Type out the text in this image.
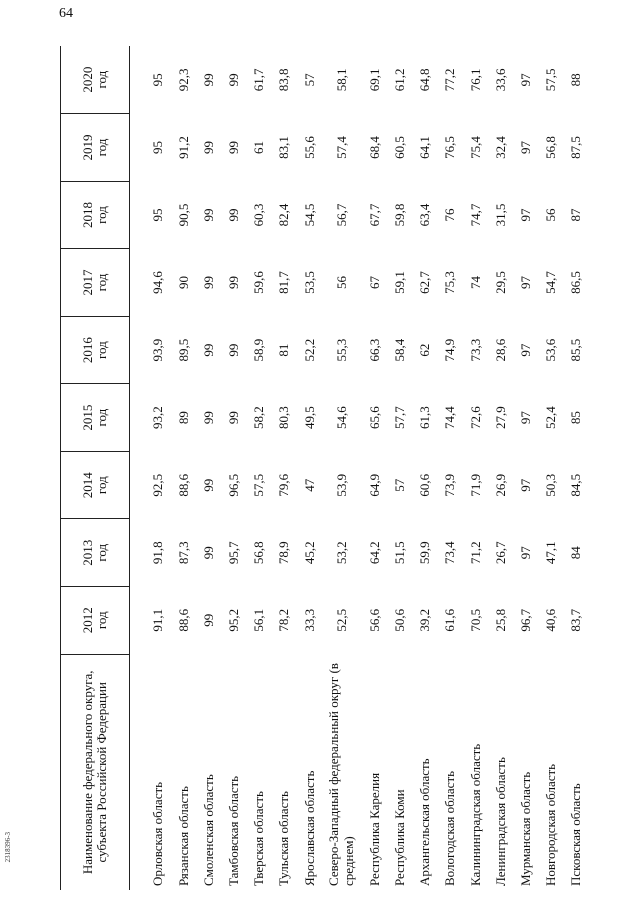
64
2318396-3	Наименование федерального округа, субъекта Российской Федерации	2012 год	2013 год	2014 год	2015 год	2016 год	2017 год	2018 год	2019 год	2020 год

Орловская область	91,1	91,8	92,5	93,2	93,9	94,6	95	95	95
Рязанская область	88,6	87,3	88,6	89	89,5	90	90,5	91,2	92,3
Смоленская область	99	99	99	99	99	99	99	99	99
Тамбовская область	95,2	95,7	96,5	99	99	99	99	99	99
Тверская область	56,1	56,8	57,5	58,2	58,9	59,6	60,3	61	61,7
Тульская область	78,2	78,9	79,6	80,3	81	81,7	82,4	83,1	83,8
Ярославская область	33,3	45,2	47	49,5	52,2	53,5	54,5	55,6	57
Северо-Западный федеральный округ (в среднем)	52,5	53,2	53,9	54,6	55,3	56	56,7	57,4	58,1
Республика Карелия	56,6	64,2	64,9	65,6	66,3	67	67,7	68,4	69,1
Республика Коми	50,6	51,5	57	57,7	58,4	59,1	59,8	60,5	61,2
Архангельская область	39,2	59,9	60,6	61,3	62	62,7	63,4	64,1	64,8
Вологодская область	61,6	73,4	73,9	74,4	74,9	75,3	76	76,5	77,2
Калининградская область	70,5	71,2	71,9	72,6	73,3	74	74,7	75,4	76,1
Ленинградская область	25,8	26,7	26,9	27,9	28,6	29,5	31,5	32,4	33,6
Мурманская область	96,7	97	97	97	97	97	97	97	97
Новгородская область	40,6	47,1	50,3	52,4	53,6	54,7	56	56,8	57,5
Псковская область	83,7	84	84,5	85	85,5	86,5	87	87,5	88
